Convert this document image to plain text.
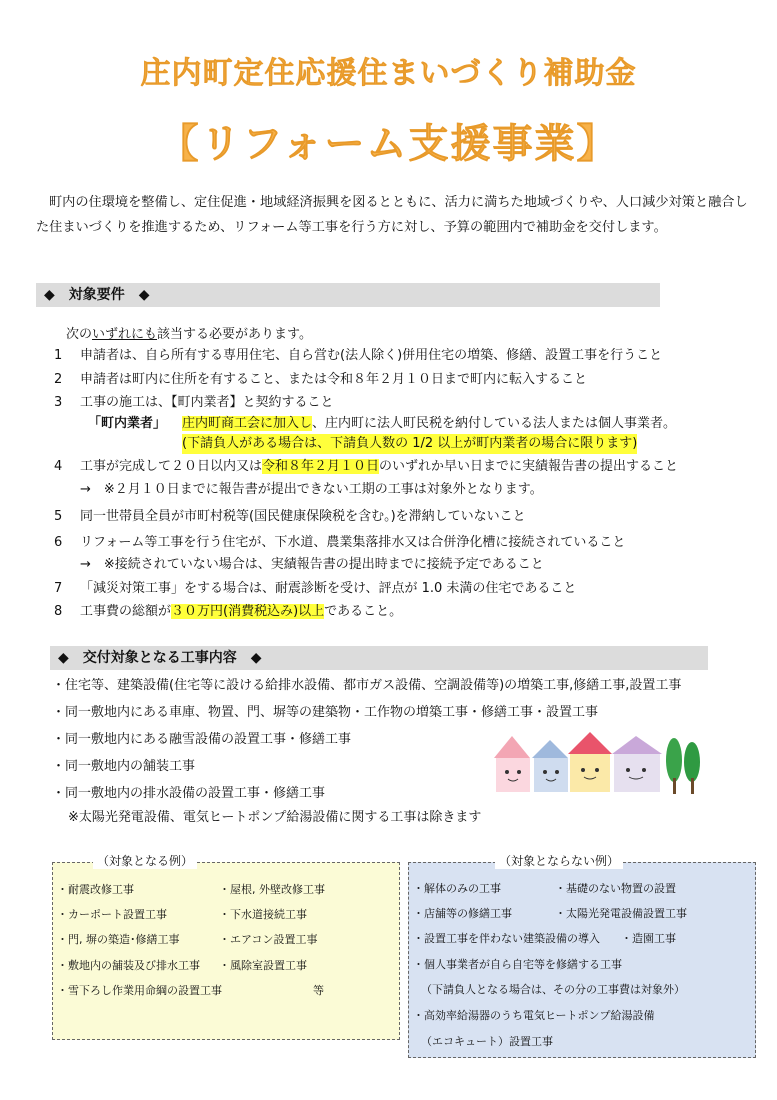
庄内町定住応援住まいづくり補助金
【リフォーム支援事業】
町内の住環境を整備し、定住促進・地域経済振興を図るとともに、活力に満ちた地域づくりや、人口減少対策と融合した住まいづくりを推進するため、リフォーム等工事を行う方に対し、予算の範囲内で補助金を交付します。
◆　対象要件　◆
次のいずれにも該当する必要があります。
1 申請者は、自ら所有する専用住宅、自ら営む(法人除く)併用住宅の増築、修繕、設置工事を行うこと
2 申請者は町内に住所を有すること、または令和８年２月１０日まで町内に転入すること
3 工事の施工は、【町内業者】と契約すること
「町内業者」 庄内町商工会に加入し、庄内町に法人町民税を納付している法人または個人事業者。
(下請負人がある場合は、下請負人数の 1/2 以上が町内業者の場合に限ります)
4 工事が完成して２０日以内又は令和８年２月１０日のいずれか早い日までに実績報告書の提出すること
→　※２月１０日までに報告書が提出できない工期の工事は対象外となります。
5 同一世帯員全員が市町村税等(国民健康保険税を含む。)を滞納していないこと
6 リフォーム等工事を行う住宅が、下水道、農業集落排水又は合併浄化槽に接続されていること
→　※接続されていない場合は、実績報告書の提出時までに接続予定であること
7 「減災対策工事」をする場合は、耐震診断を受け、評点が 1.0 未満の住宅であること
8 工事費の総額が３０万円(消費税込み)以上であること。
◆　交付対象となる工事内容　◆
・住宅等、建築設備(住宅等に設ける給排水設備、都市ガス設備、空調設備等)の増築工事,修繕工事,設置工事
・同一敷地内にある車庫、物置、門、塀等の建築物・工作物の増築工事・修繕工事・設置工事
・同一敷地内にある融雪設備の設置工事・修繕工事
・同一敷地内の舗装工事
・同一敷地内の排水設備の設置工事・修繕工事
※太陽光発電設備、電気ヒートポンプ給湯設備に関する工事は除きます
（対象となる例）
・耐震改修工事
・カーポート設置工事
・門, 塀の築造･修繕工事
・敷地内の舗装及び排水工事
・雪下ろし作業用命綱の設置工事
・屋根, 外壁改修工事
・下水道接続工事
・エアコン設置工事
・風除室設置工事
等
（対象とならない例）
・解体のみの工事	・基礎のない物置の設置
・店舗等の修繕工事	・太陽光発電設備設置工事
・設置工事を伴わない建築設備の導入 ・造園工事
・個人事業者が自ら自宅等を修繕する工事
（下請負人となる場合は、その分の工事費は対象外）
・高効率給湯器のうち電気ヒートポンプ給湯設備
（エコキュート）設置工事
